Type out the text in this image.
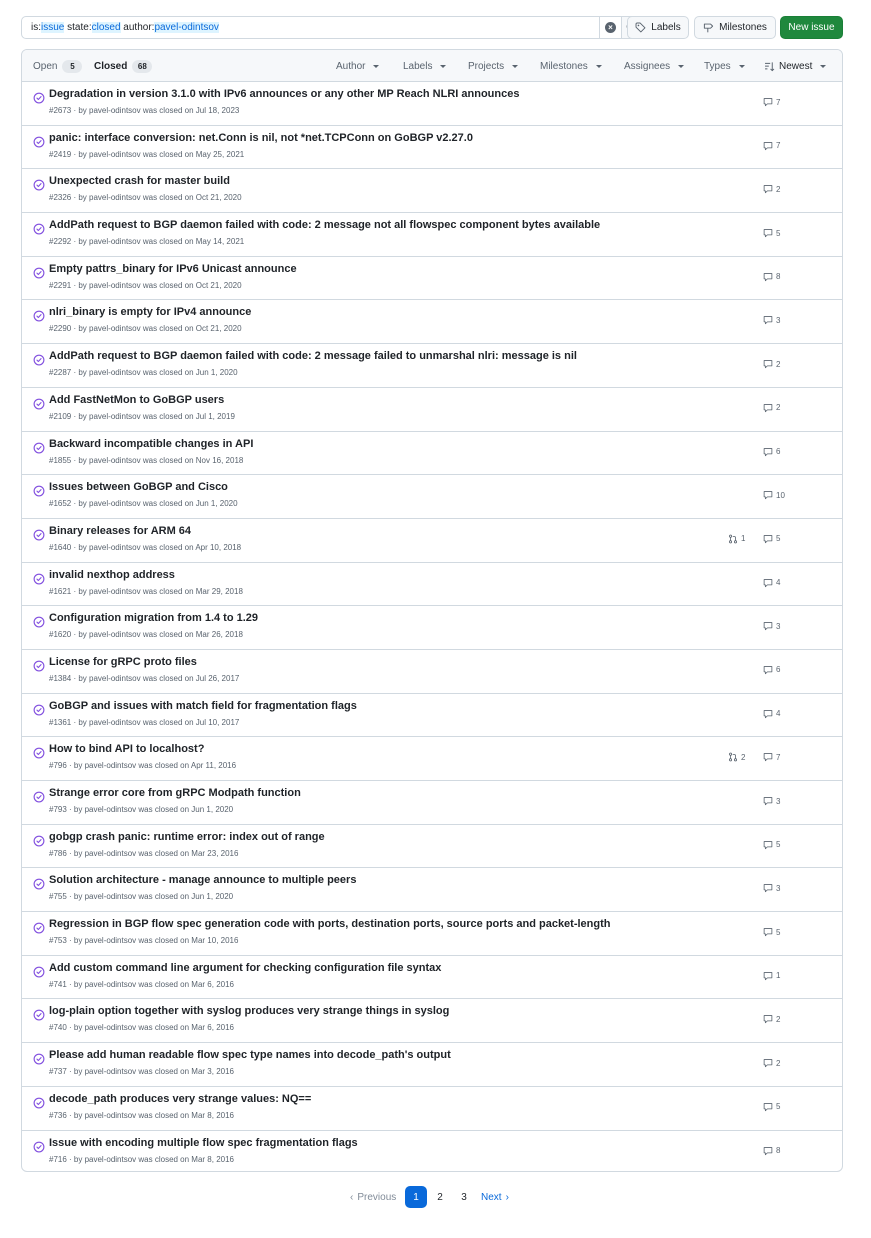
is: issue state: closed author: pavel-odintsov	×	Labels	Milestones	New issue
Open	5	Closed	68	Author	Labels	Projects	Milestones	Assignees	Types	Newest
Degradation in version 3.1.0 with IPv6 announces or any other MP Reach NLRI announces
#2673 · by pavel-odintsov was closed on Jul 18, 2023
7
panic: interface conversion: net.Conn is nil, not *net.TCPConn on GoBGP v2.27.0
#2419 · by pavel-odintsov was closed on May 25, 2021
7
Unexpected crash for master build
#2326 · by pavel-odintsov was closed on Oct 21, 2020
2
AddPath request to BGP daemon failed with code: 2 message not all flowspec component bytes available
#2292 · by pavel-odintsov was closed on May 14, 2021
5
Empty pattrs_binary for IPv6 Unicast announce
#2291 · by pavel-odintsov was closed on Oct 21, 2020
8
nlri_binary is empty for IPv4 announce
#2290 · by pavel-odintsov was closed on Oct 21, 2020
3
AddPath request to BGP daemon failed with code: 2 message failed to unmarshal nlri: message is nil
#2287 · by pavel-odintsov was closed on Jun 1, 2020
2
Add FastNetMon to GoBGP users
#2109 · by pavel-odintsov was closed on Jul 1, 2019
2
Backward incompatible changes in API
#1855 · by pavel-odintsov was closed on Nov 16, 2018
6
Issues between GoBGP and Cisco
#1652 · by pavel-odintsov was closed on Jun 1, 2020
10
Binary releases for ARM 64
#1640 · by pavel-odintsov was closed on Apr 10, 2018
1	5
invalid nexthop address
#1621 · by pavel-odintsov was closed on Mar 29, 2018
4
Configuration migration from 1.4 to 1.29
#1620 · by pavel-odintsov was closed on Mar 26, 2018
3
License for gRPC proto files
#1384 · by pavel-odintsov was closed on Jul 26, 2017
6
GoBGP and issues with match field for fragmentation flags
#1361 · by pavel-odintsov was closed on Jul 10, 2017
4
How to bind API to localhost?
#796 · by pavel-odintsov was closed on Apr 11, 2016
2	7
Strange error core from gRPC Modpath function
#793 · by pavel-odintsov was closed on Jun 1, 2020
3
gobgp crash panic: runtime error: index out of range
#786 · by pavel-odintsov was closed on Mar 23, 2016
5
Solution architecture - manage announce to multiple peers
#755 · by pavel-odintsov was closed on Jun 1, 2020
3
Regression in BGP flow spec generation code with ports, destination ports, source ports and packet-length
#753 · by pavel-odintsov was closed on Mar 10, 2016
5
Add custom command line argument for checking configuration file syntax
#741 · by pavel-odintsov was closed on Mar 6, 2016
1
log-plain option together with syslog produces very strange things in syslog
#740 · by pavel-odintsov was closed on Mar 6, 2016
2
Please add human readable flow spec type names into decode_path's output
#737 · by pavel-odintsov was closed on Mar 3, 2016
2
decode_path produces very strange values: NQ==
#736 · by pavel-odintsov was closed on Mar 8, 2016
5
Issue with encoding multiple flow spec fragmentation flags
#716 · by pavel-odintsov was closed on Mar 8, 2016
8
‹ Previous	1	2	3	Next ›
